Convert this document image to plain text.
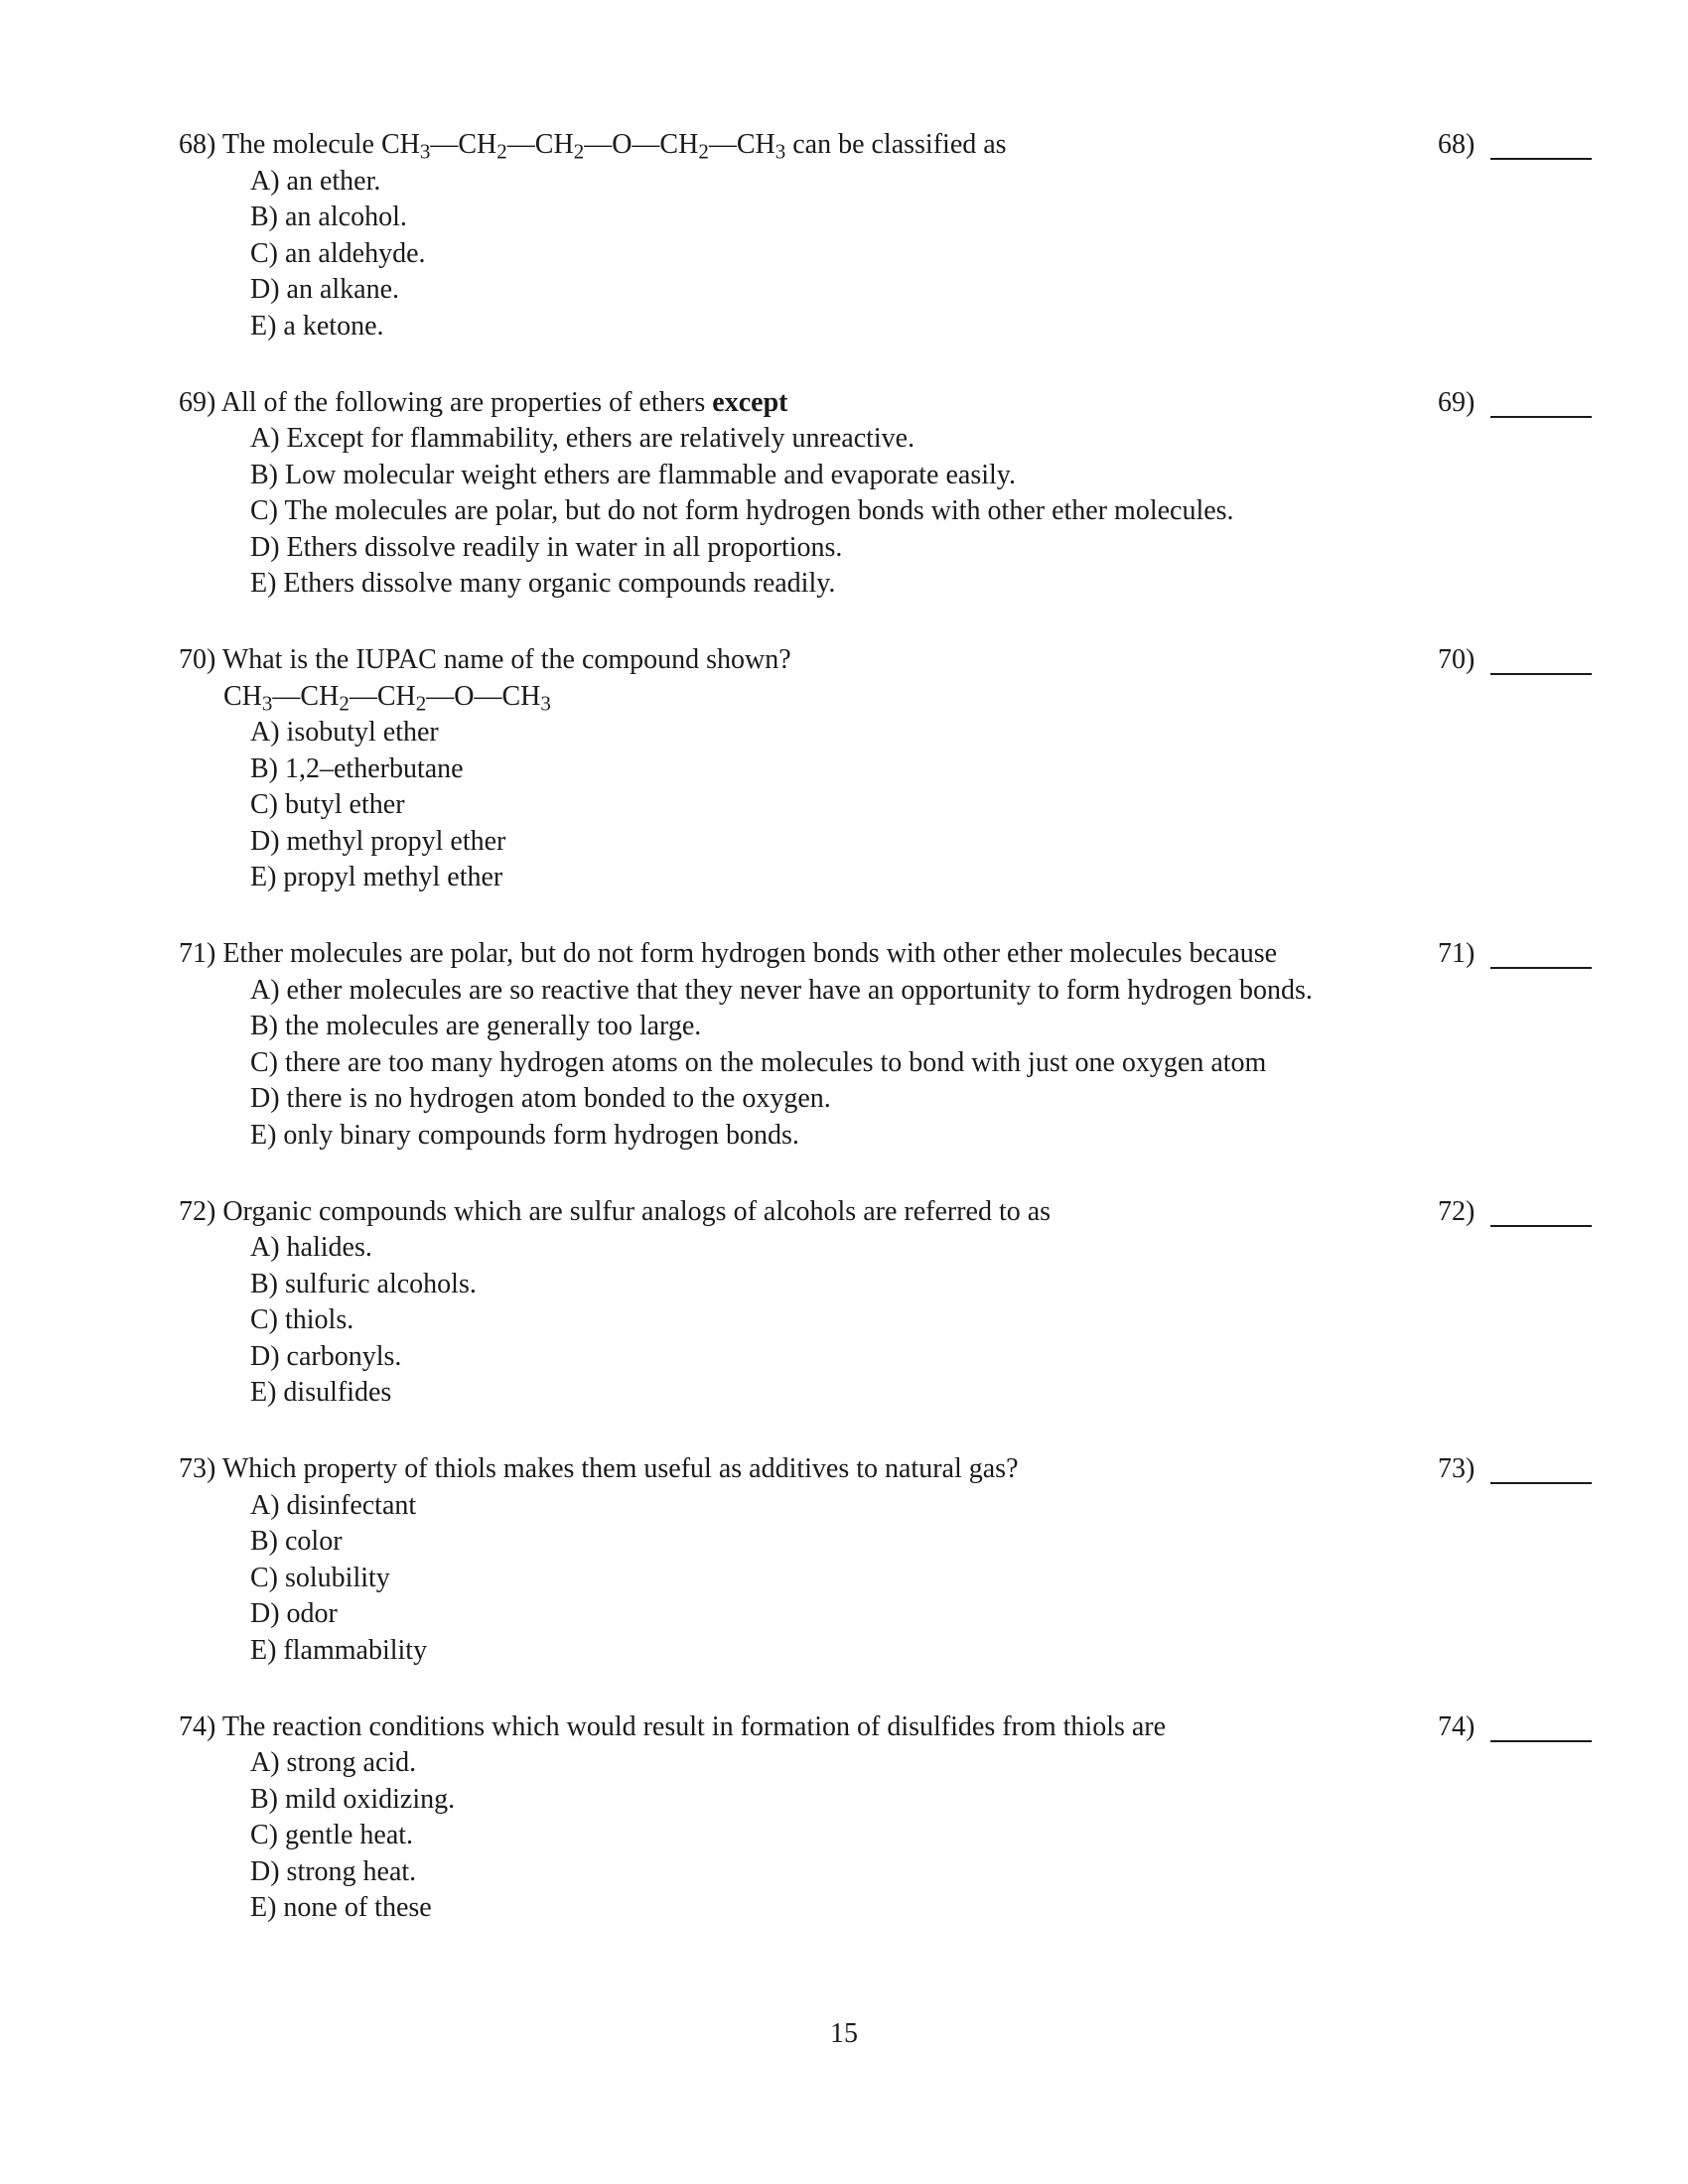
68) The molecule $CH_3—CH_2—CH_2—O—CH_2—CH_3$ can be classified as
A) an ether.
B) an alcohol.
C) an aldehyde.
D) an alkane.
E) a ketone.
68)
69) All of the following are properties of ethers except
A) Except for flammability, ethers are relatively unreactive.
B) Low molecular weight ethers are flammable and evaporate easily.
C) The molecules are polar, but do not form hydrogen bonds with other ether molecules.
D) Ethers dissolve readily in water in all proportions.
E) Ethers dissolve many organic compounds readily.
69)
70) What is the IUPAC name of the compound shown?
$CH_3—CH_2—CH_2—O—CH_3$
A) isobutyl ether
B) 1,2–etherbutane
C) butyl ether
D) methyl propyl ether
E) propyl methyl ether
70)
71) Ether molecules are polar, but do not form hydrogen bonds with other ether molecules because
A) ether molecules are so reactive that they never have an opportunity to form hydrogen bonds.
B) the molecules are generally too large.
C) there are too many hydrogen atoms on the molecules to bond with just one oxygen atom
D) there is no hydrogen atom bonded to the oxygen.
E) only binary compounds form hydrogen bonds.
71)
72) Organic compounds which are sulfur analogs of alcohols are referred to as
A) halides.
B) sulfuric alcohols.
C) thiols.
D) carbonyls.
E) disulfides
72)
73) Which property of thiols makes them useful as additives to natural gas?
A) disinfectant
B) color
C) solubility
D) odor
E) flammability
73)
74) The reaction conditions which would result in formation of disulfides from thiols are
A) strong acid.
B) mild oxidizing.
C) gentle heat.
D) strong heat.
E) none of these
74)
15
